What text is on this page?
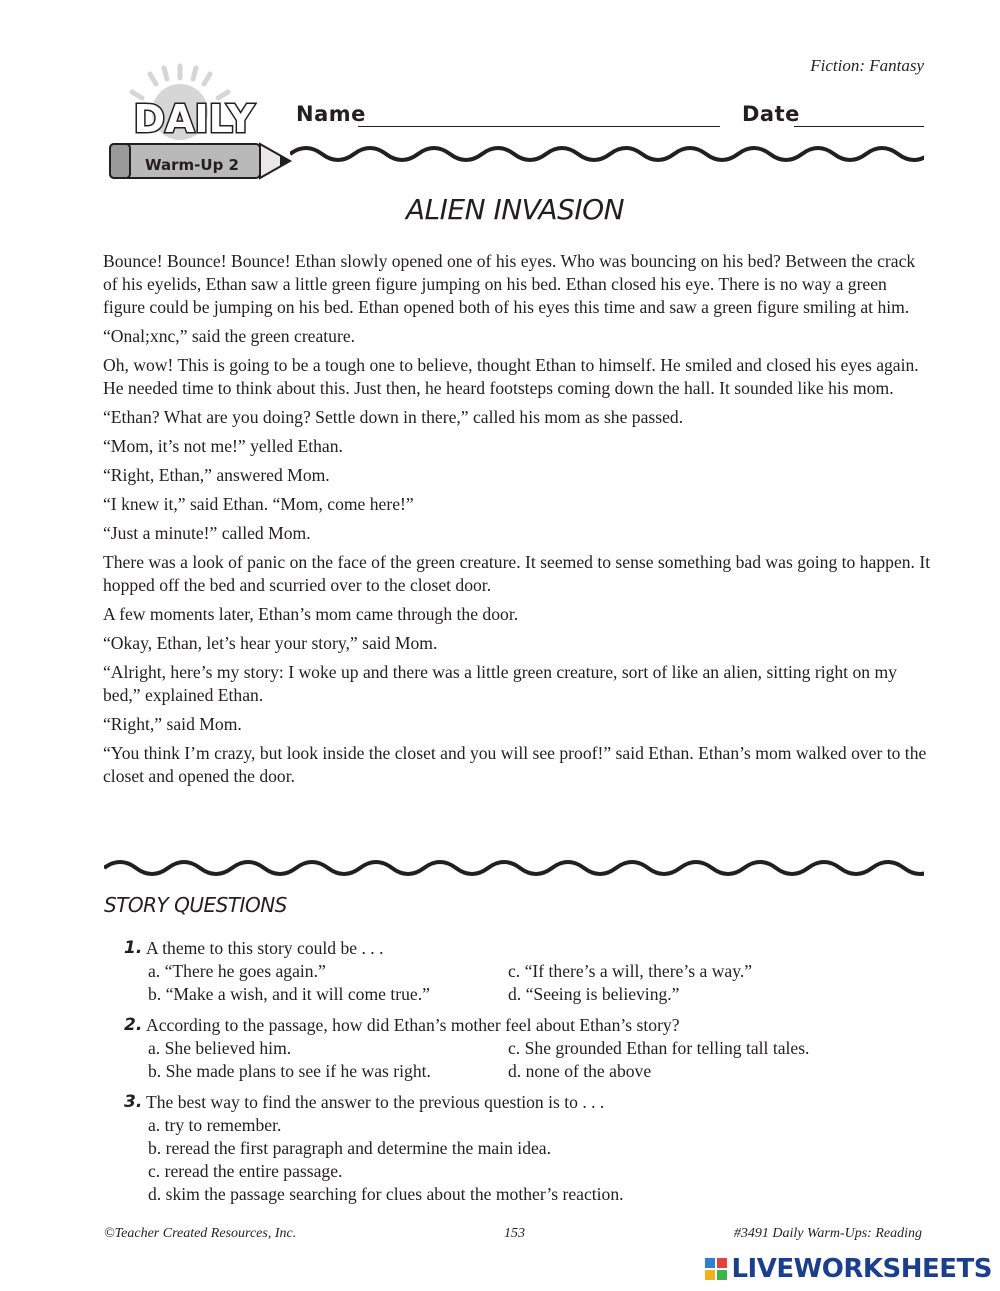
Fiction: Fantasy
DAILY
Warm-Up 2
Name	Date
ALIEN INVASION

Bounce! Bounce! Bounce! Ethan slowly opened one of his eyes. Who was bouncing on his bed? Between the crack of his eyelids, Ethan saw a little green figure jumping on his bed. Ethan closed his eye. There is no way a green figure could be jumping on his bed. Ethan opened both of his eyes this time and saw a green figure smiling at him.

“Onal;xnc,” said the green creature.

Oh, wow! This is going to be a tough one to believe, thought Ethan to himself. He smiled and closed his eyes again. He needed time to think about this. Just then, he heard footsteps coming down the hall. It sounded like his mom.

“Ethan? What are you doing? Settle down in there,” called his mom as she passed.

“Mom, it’s not me!” yelled Ethan.

“Right, Ethan,” answered Mom.

“I knew it,” said Ethan. “Mom, come here!”

“Just a minute!” called Mom.

There was a look of panic on the face of the green creature. It seemed to sense something bad was going to happen. It hopped off the bed and scurried over to the closet door.

A few moments later, Ethan’s mom came through the door.

“Okay, Ethan, let’s hear your story,” said Mom.

“Alright, here’s my story: I woke up and there was a little green creature, sort of like an alien, sitting right on my bed,” explained Ethan.

“Right,” said Mom.

“You think I’m crazy, but look inside the closet and you will see proof!” said Ethan. Ethan’s mom walked over to the closet and opened the door.

STORY QUESTIONS
1. A theme to this story could be . . .
a. “There he goes again.”	c. “If there’s a will, there’s a way.”
b. “Make a wish, and it will come true.”	d. “Seeing is believing.”
2. According to the passage, how did Ethan’s mother feel about Ethan’s story?
a. She believed him.	c. She grounded Ethan for telling tall tales.
b. She made plans to see if he was right.	d. none of the above
3. The best way to find the answer to the previous question is to . . .
a. try to remember.
b. reread the first paragraph and determine the main idea.
c. reread the entire passage.
d. skim the passage searching for clues about the mother’s reaction.
©Teacher Created Resources, Inc.	153	#3491 Daily Warm-Ups: Reading
LIVEWORKSHEETS
